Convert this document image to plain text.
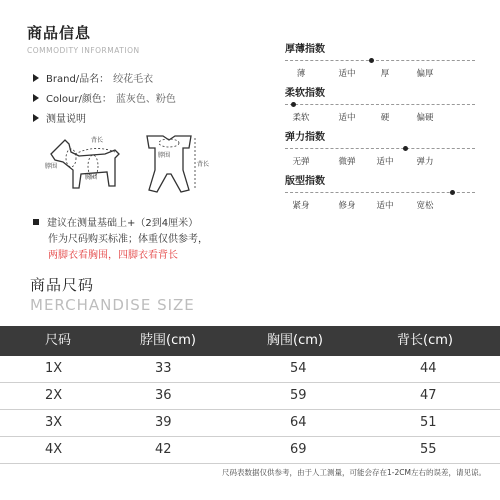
商品信息
COMMODITY INFORMATION
Brand/品名： 绞花毛衣
Colour/颜色： 蓝灰色、粉色
测量说明
背长
脖围
胸围
脖围
背长
建议在测量基础上+（2到4厘米）
作为尺码购买标准；体重仅供参考，
两脚衣看胸围，四脚衣看背长
厚薄指数
薄	适中	厚	偏厚
柔软指数
柔软	适中	硬	偏硬
弹力指数
无弹	微弹 适中	弹力
版型指数
紧身	修身 适中	宽松
商品尺码
MERCHANDISE SIZE
尺码	脖围(cm)	胸围(cm)	背长(cm)
1X	33	54	44
2X	36	59	47
3X	39	64	51
4X	42	69	55
尺码表数据仅供参考，由于人工测量，可能会存在1-2CM左右的误差，请见谅。
